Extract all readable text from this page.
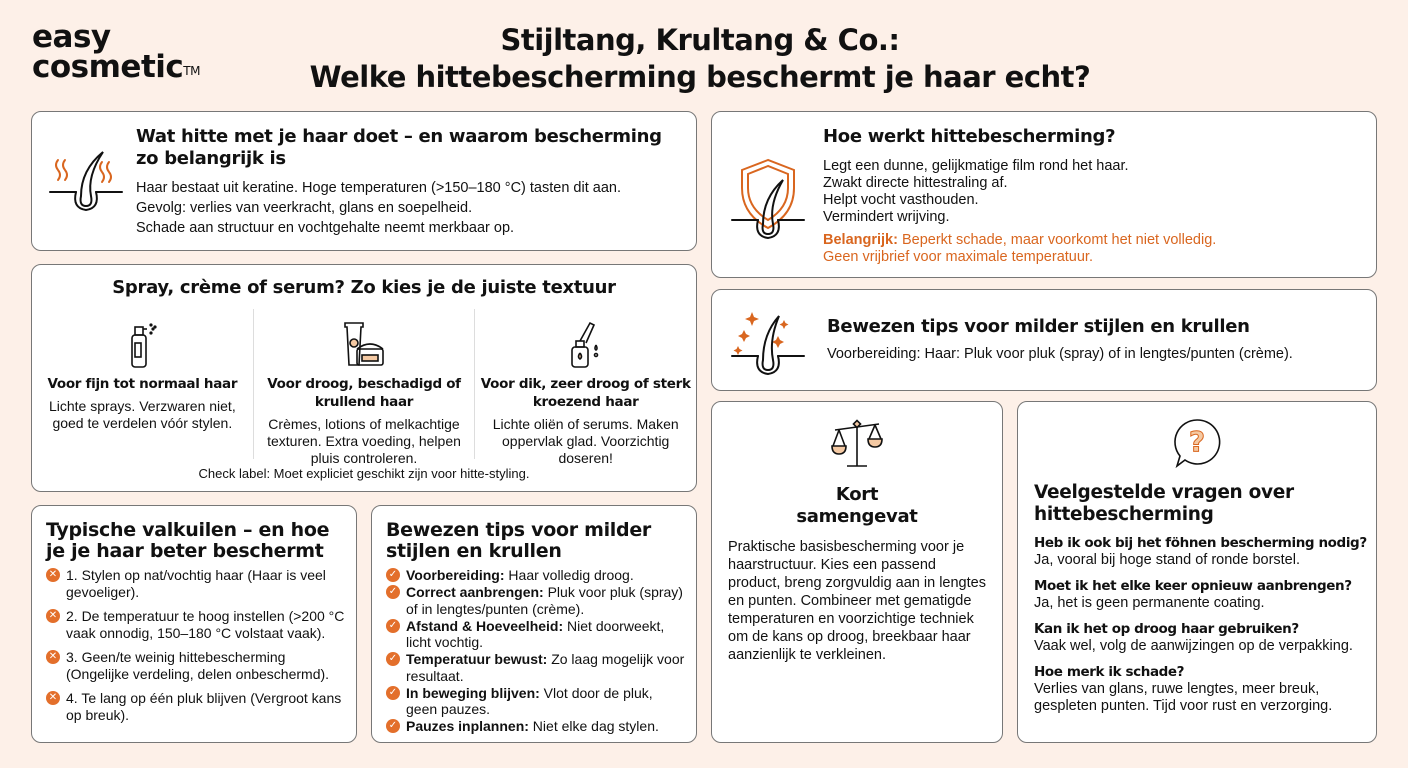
easy
cosmetic™
Stijltang, Krultang & Co.:
Welke hittebescherming beschermt je haar echt?
Wat hitte met je haar doet – en waarom bescherming zo belangrijk is

Haar bestaat uit keratine. Hoge temperaturen (>150–180 °C) tasten dit aan.

Gevolg: verlies van veerkracht, glans en soepelheid.

Schade aan structuur en vochtgehalte neemt merkbaar op.

Hoe werkt hittebescherming?

Legt een dunne, gelijkmatige film rond het haar.

Zwakt directe hittestraling af.

Helpt vocht vasthouden.

Vermindert wrijving.

Belangrijk: Beperkt schade, maar voorkomt het niet volledig.

Geen vrijbrief voor maximale temperatuur.

Spray, crème of serum? Zo kies je de juiste textuur
Voor fijn tot normaal haar

Lichte sprays. Verzwaren niet, goed te verdelen vóór stylen.

Voor droog, beschadigd of krullend haar

Crèmes, lotions of melkachtige texturen. Extra voeding, helpen pluis controleren.

Voor dik, zeer droog of sterk kroezend haar

Lichte oliën of serums. Maken oppervlak glad. Voorzichtig doseren!

Check label: Moet expliciet geschikt zijn voor hitte-styling.
Bewezen tips voor milder stijlen en krullen

Voorbereiding: Haar: Pluk voor pluk (spray) of in lengtes/punten (crème).

Typische valkuilen – en hoe je je haar beter beschermt
✕ 1. Stylen op nat/vochtig haar (Haar is veel gevoeliger).
✕ 2. De temperatuur te hoog instellen (>200 °C vaak onnodig, 150–180 °C volstaat vaak).
✕ 3. Geen/te weinig hittebescherming (Ongelijke verdeling, delen onbeschermd).
✕ 4. Te lang op één pluk blijven (Vergroot kans op breuk).
Bewezen tips voor milder stijlen en krullen
✓ Voorbereiding: Haar volledig droog.
✓ Correct aanbrengen: Pluk voor pluk (spray) of in lengtes/punten (crème).
✓ Afstand & Hoeveelheid: Niet doorweekt, licht vochtig.
✓ Temperatuur bewust: Zo laag mogelijk voor resultaat.
✓ In beweging blijven: Vlot door de pluk, geen pauzes.
✓ Pauzes inplannen: Niet elke dag stylen.
Kort samengevat

Praktische basisbescherming voor je haarstructuur. Kies een passend product, breng zorgvuldig aan in lengtes en punten. Combineer met gematigde temperaturen en voorzichtige techniek om de kans op droog, breekbaar haar aanzienlijk te verkleinen.

?
Veelgestelde vragen over hittebescherming
Heb ik ook bij het föhnen bescherming nodig?
Ja, vooral bij hoge stand of ronde borstel.
Moet ik het elke keer opnieuw aanbrengen?
Ja, het is geen permanente coating.
Kan ik het op droog haar gebruiken?
Vaak wel, volg de aanwijzingen op de verpakking.
Hoe merk ik schade?
Verlies van glans, ruwe lengtes, meer breuk, gespleten punten. Tijd voor rust en verzorging.
